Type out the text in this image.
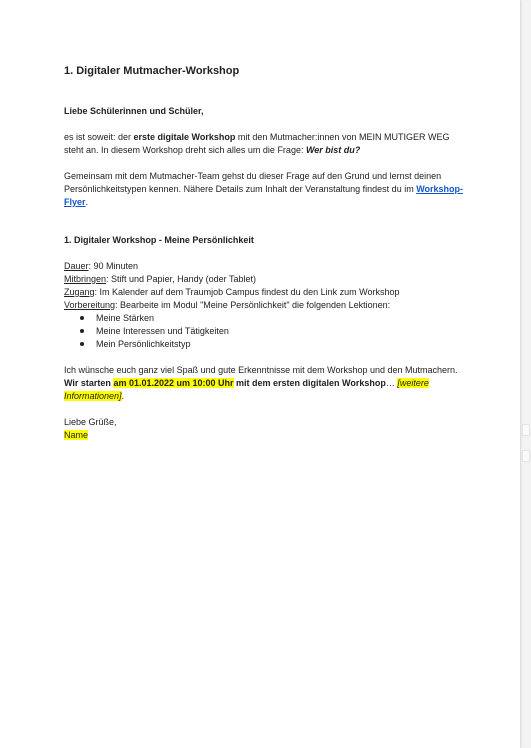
1. Digitaler Mutmacher-Workshop
Liebe Schülerinnen und Schüler,
es ist soweit: der erste digitale Workshop mit den Mutmacher:innen von MEIN MUTIGER WEG steht an. In diesem Workshop dreht sich alles um die Frage: Wer bist du?
Gemeinsam mit dem Mutmacher-Team gehst du dieser Frage auf den Grund und lernst deinen Persönlichkeitstypen kennen. Nähere Details zum Inhalt der Veranstaltung findest du im Workshop-Flyer.
1. Digitaler Workshop - Meine Persönlichkeit
Dauer: 90 Minuten
Mitbringen: Stift und Papier, Handy (oder Tablet)
Zugang: Im Kalender auf dem Traumjob Campus findest du den Link zum Workshop
Vorbereitung: Bearbeite im Modul "Meine Persönlichkeit" die folgenden Lektionen:
Meine Stärken
Meine Interessen und Tätigkeiten
Mein Persönlichkeitstyp
Ich wünsche euch ganz viel Spaß und gute Erkenntnisse mit dem Workshop und den Mutmachern. Wir starten am 01.01.2022 um 10:00 Uhr mit dem ersten digitalen Workshop… [weitere Informationen].
Liebe Grüße,
Name
